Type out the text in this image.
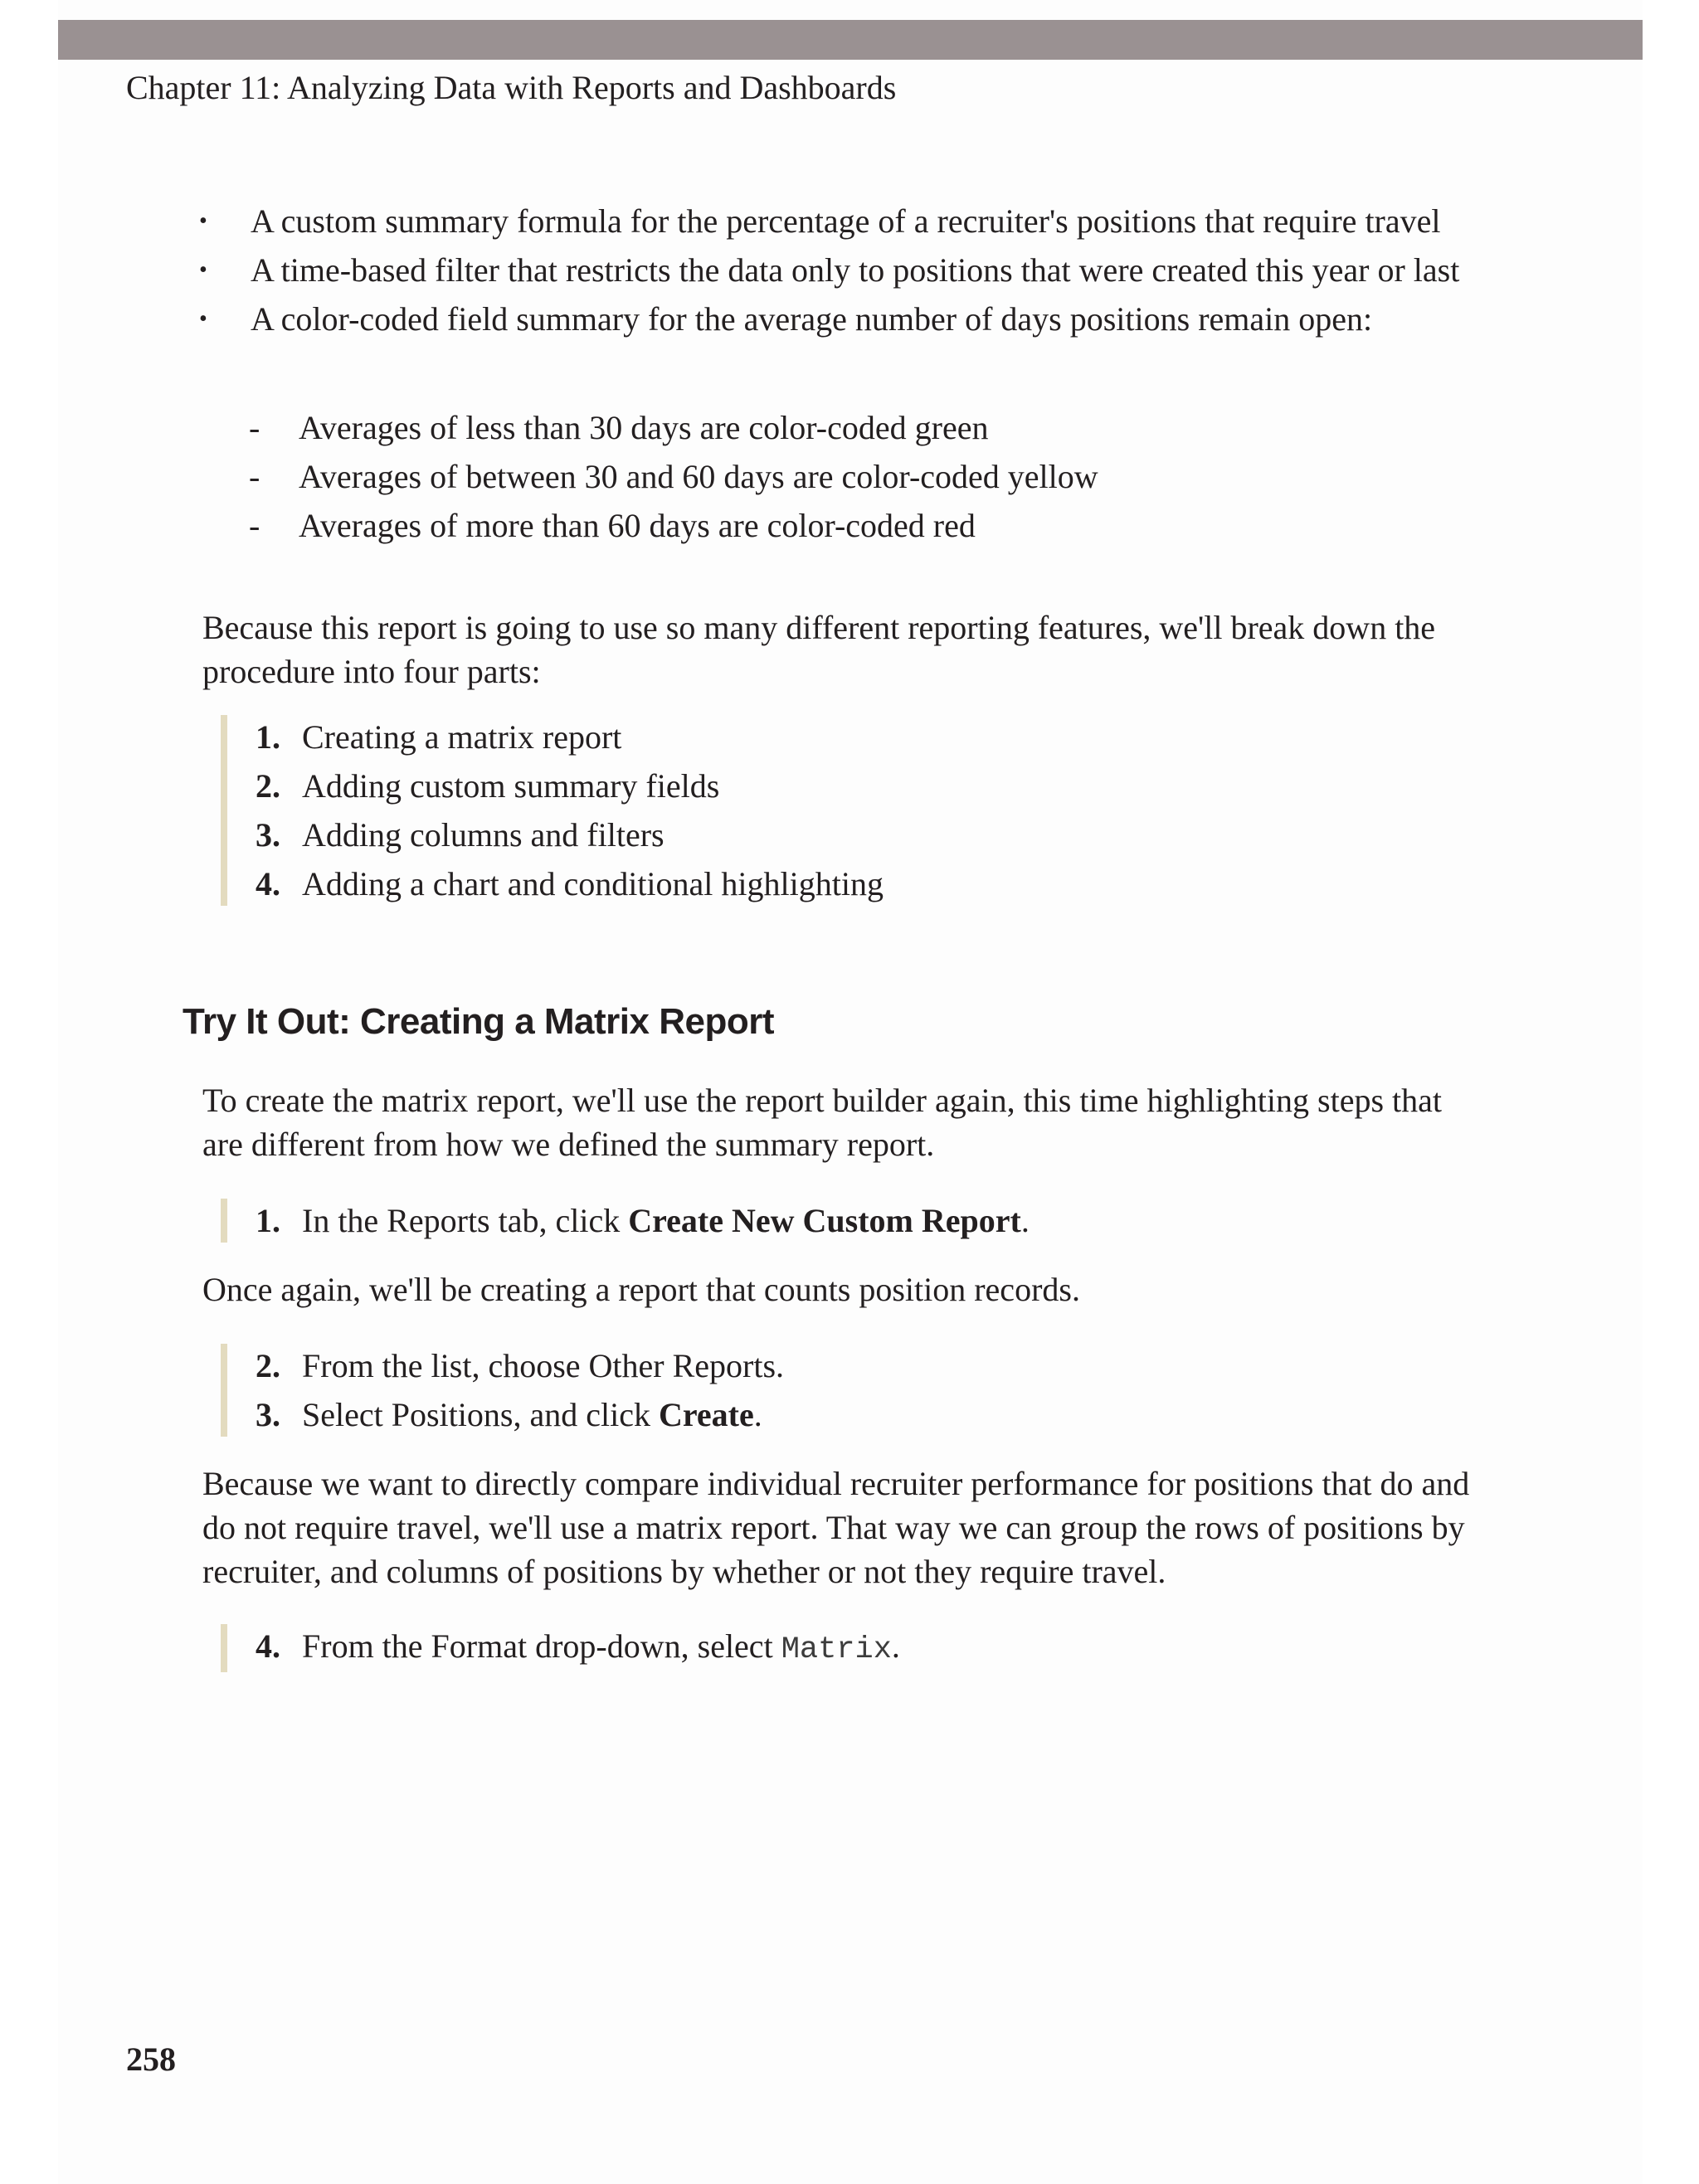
Chapter 11: Analyzing Data with Reports and Dashboards
• A custom summary formula for the percentage of a recruiter's positions that require travel
• A time-based filter that restricts the data only to positions that were created this year or last
• A color-coded field summary for the average number of days positions remain open:
- Averages of less than 30 days are color-coded green
- Averages of between 30 and 60 days are color-coded yellow
- Averages of more than 60 days are color-coded red

Because this report is going to use so many different reporting features, we'll break down the procedure into four parts:

1. Creating a matrix report
2. Adding custom summary fields
3. Adding columns and filters
4. Adding a chart and conditional highlighting
Try It Out: Creating a Matrix Report

To create the matrix report, we'll use the report builder again, this time highlighting steps that are different from how we defined the summary report.

1. In the Reports tab, click Create New Custom Report.

Once again, we'll be creating a report that counts position records.

2. From the list, choose Other Reports.
3. Select Positions, and click Create.

Because we want to directly compare individual recruiter performance for positions that do and do not require travel, we'll use a matrix report. That way we can group the rows of positions by recruiter, and columns of positions by whether or not they require travel.

4. From the Format drop-down, select Matrix.

258
